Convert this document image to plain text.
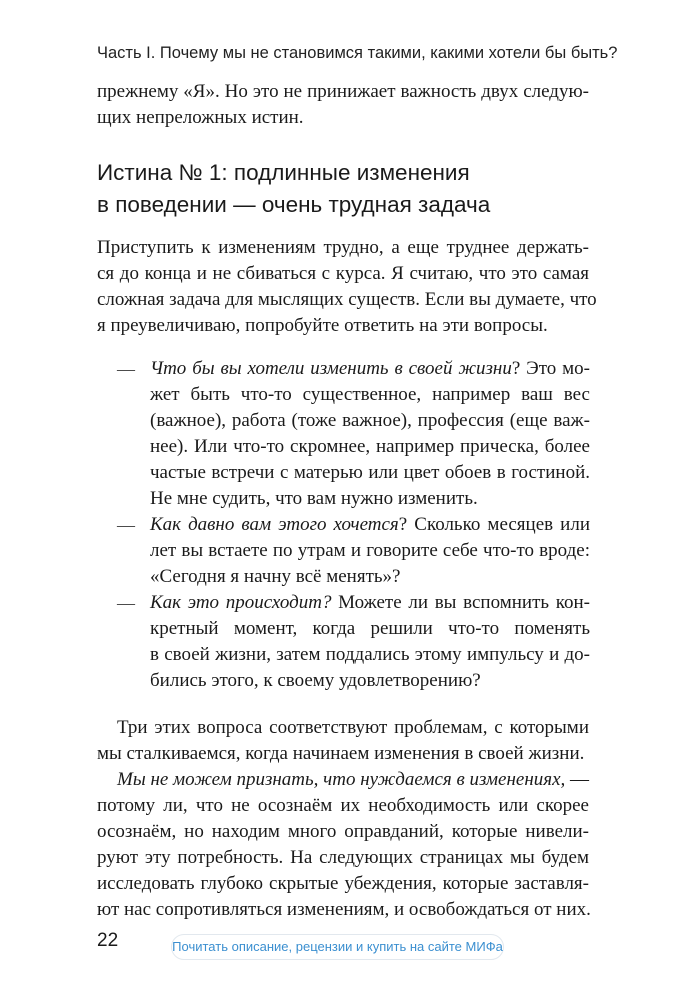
Часть I. Почему мы не становимся такими, какими хотели бы быть?
прежнему «Я». Но это не принижает важность двух следую-
щих непреложных истин.
Истина № 1: подлинные изменения
в поведении — очень трудная задача
Приступить к изменениям трудно, а еще труднее держать-
ся до конца и не сбиваться с курса. Я считаю, что это самая
сложная задача для мыслящих существ. Если вы думаете, что
я преувеличиваю, попробуйте ответить на эти вопросы.
— Что бы вы хотели изменить в своей жизни? Это мо-
жет быть что-то существенное, например ваш вес
(важное), работа (тоже важное), профессия (еще важ-
нее). Или что-то скромнее, например прическа, более
частые встречи с матерью или цвет обоев в гостиной.
Не мне судить, что вам нужно изменить.
— Как давно вам этого хочется? Сколько месяцев или
лет вы встаете по утрам и говорите себе что-то вроде:
«Сегодня я начну всё менять»?
— Как это происходит? Можете ли вы вспомнить кон-
кретный момент, когда решили что-то поменять
в своей жизни, затем поддались этому импульсу и до-
бились этого, к своему удовлетворению?
Три этих вопроса соответствуют проблемам, с которыми
мы сталкиваемся, когда начинаем изменения в своей жизни.
Мы не можем признать, что нуждаемся в изменениях, —
потому ли, что не осознаём их необходимость или скорее
осознаём, но находим много оправданий, которые нивели-
руют эту потребность. На следующих страницах мы будем
исследовать глубоко скрытые убеждения, которые заставля-
ют нас сопротивляться изменениям, и освобождаться от них.
22	Почитать описание, рецензии и купить на сайте МИФа
